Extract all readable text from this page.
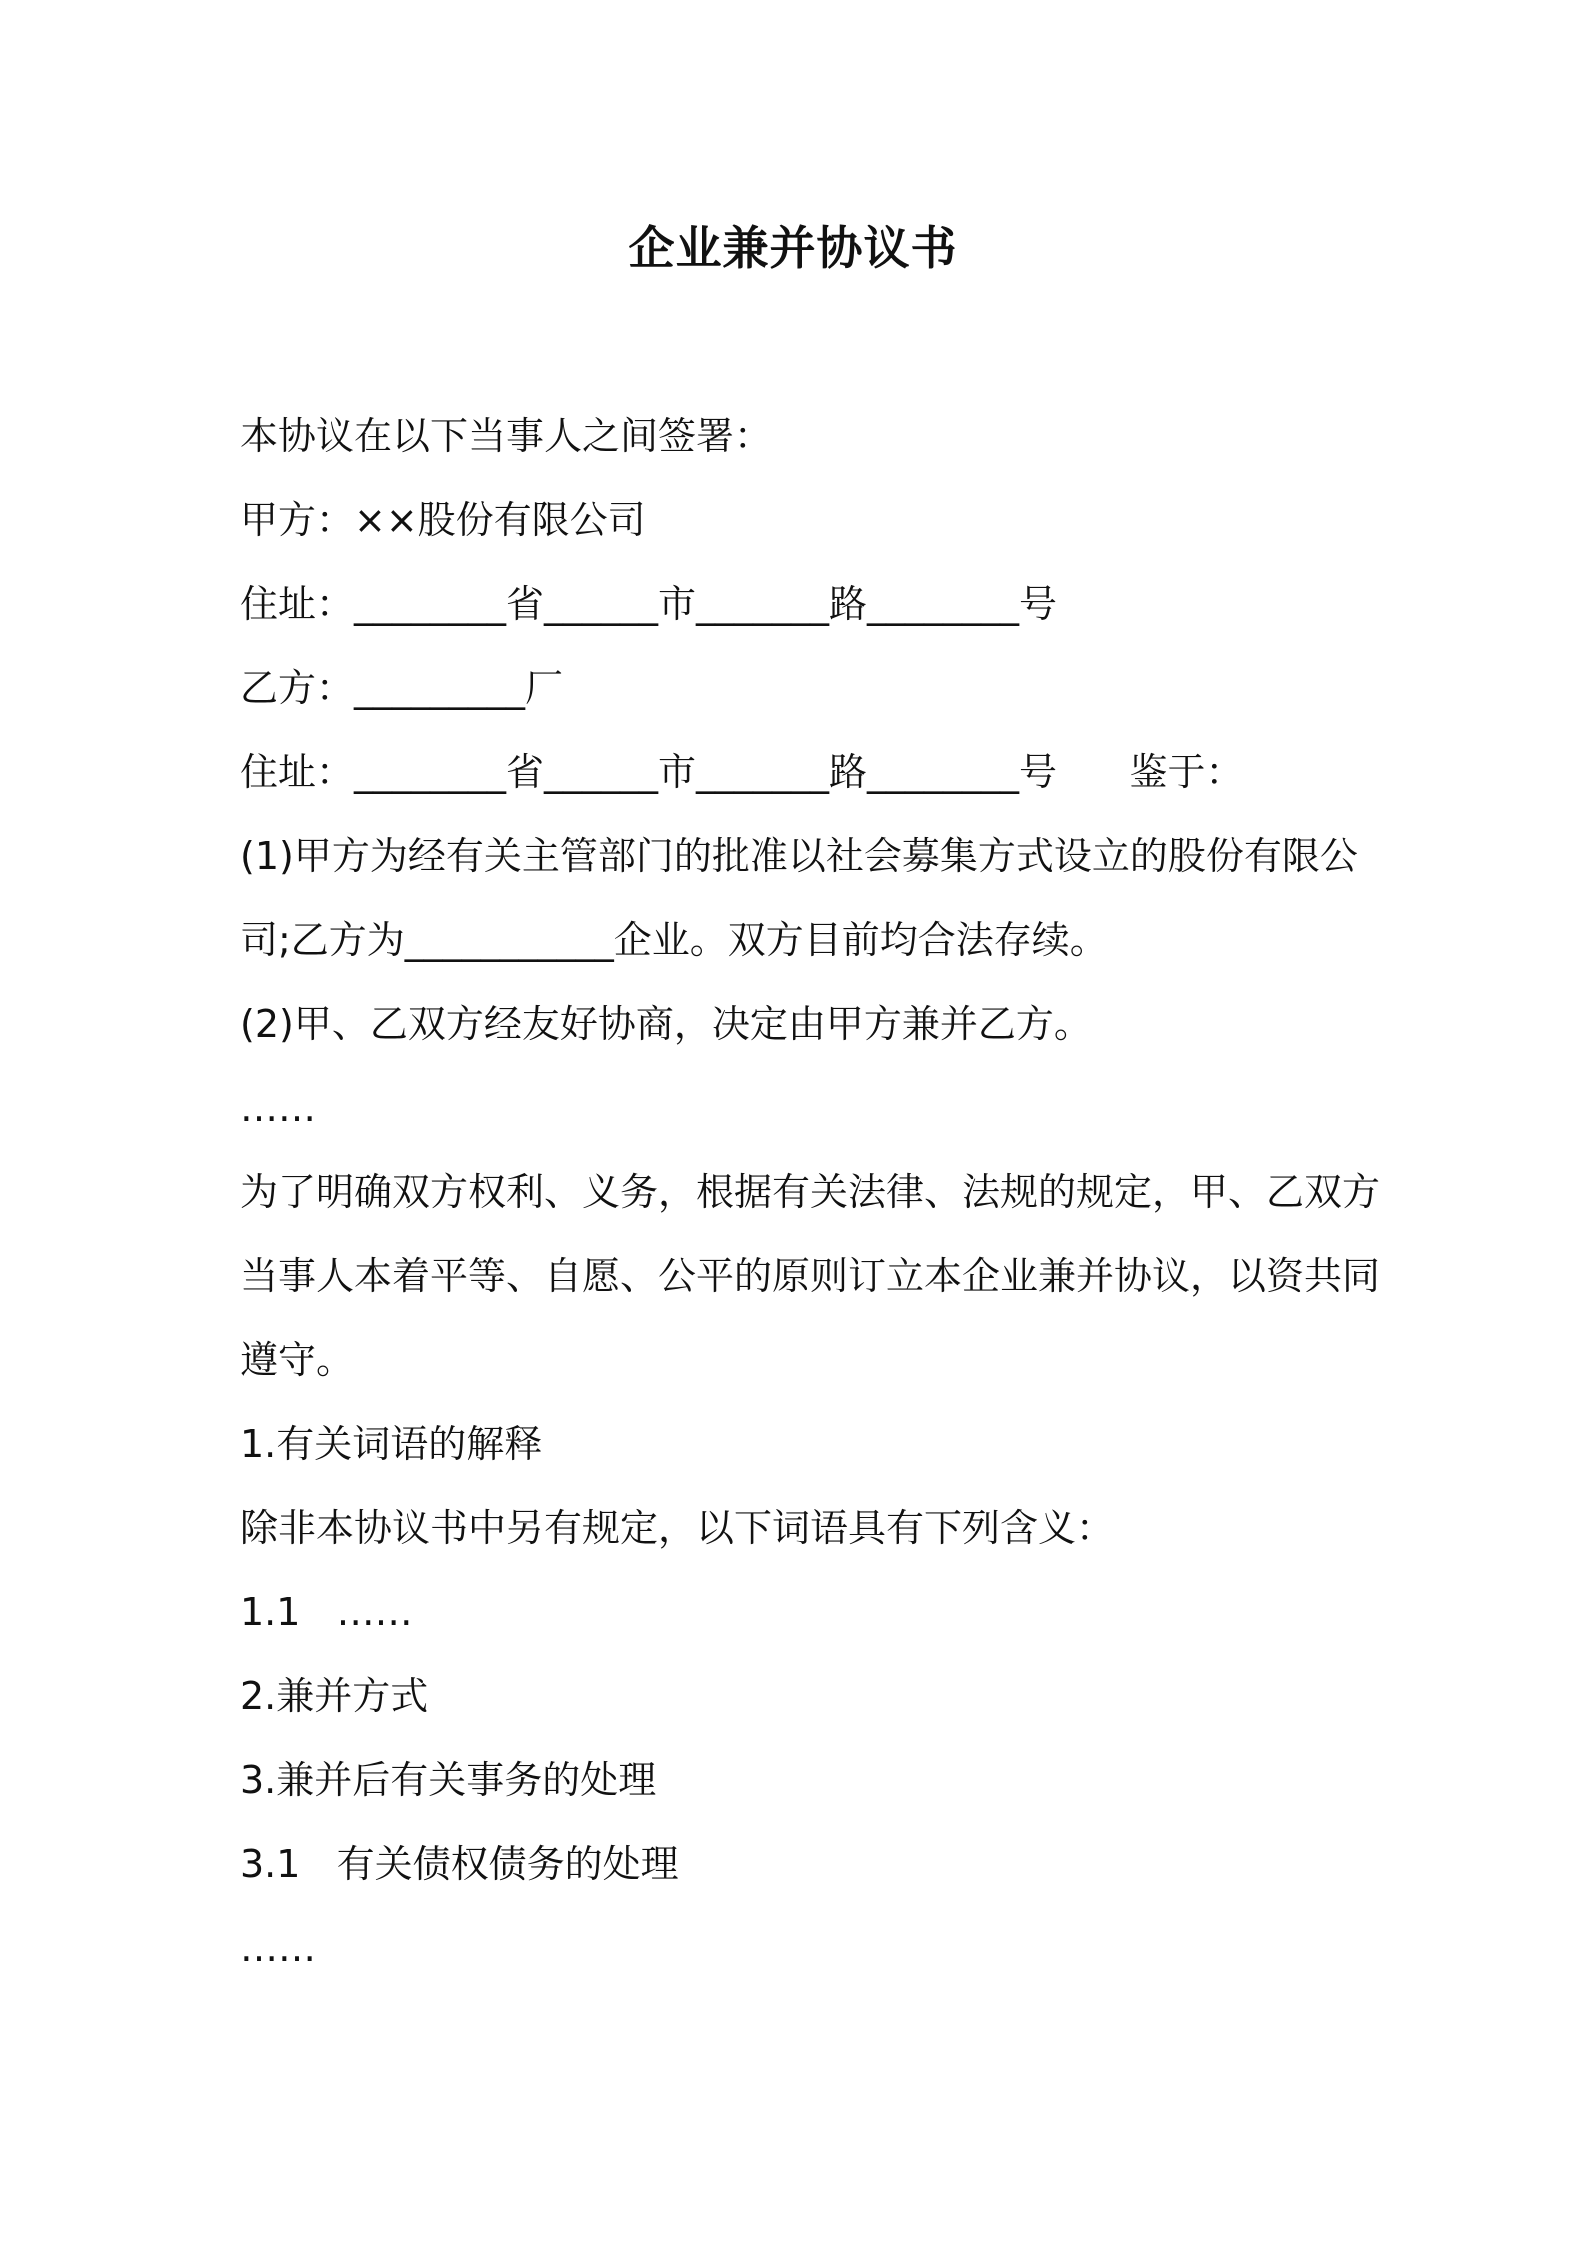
企业兼并协议书
本协议在以下当事人之间签署：
甲方：××股份有限公司
住址：________省______市_______路________号
乙方：_________厂
住址：________省______市_______路________号      鉴于：
(1)甲方为经有关主管部门的批准以社会募集方式设立的股份有限公
司;乙方为___________企业。双方目前均合法存续。
(2)甲、乙双方经友好协商，决定由甲方兼并乙方。
……
为了明确双方权利、义务，根据有关法律、法规的规定，甲、乙双方
当事人本着平等、自愿、公平的原则订立本企业兼并协议，以资共同
遵守。
1.有关词语的解释
除非本协议书中另有规定，以下词语具有下列含义：
1.1   ……
2.兼并方式
3.兼并后有关事务的处理
3.1   有关债权债务的处理
……
